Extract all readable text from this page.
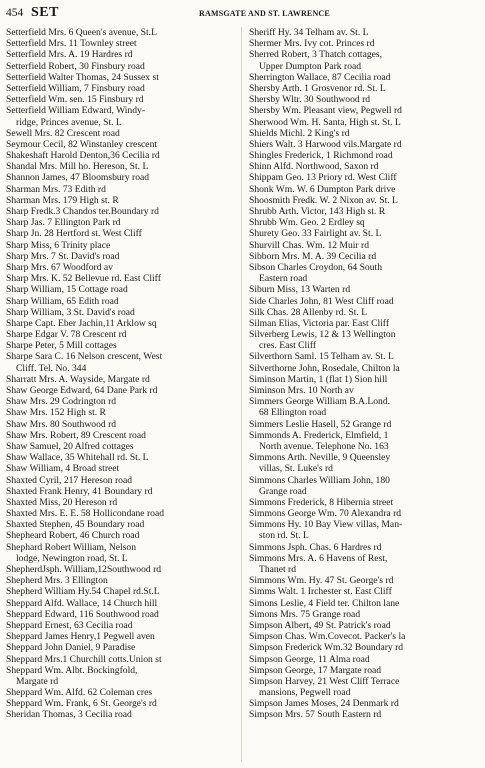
454 SET	RAMSGATE AND ST. LAWRENCE
Setterfield Mrs. 6 Queen's avenue, St.L
Setterfield Mrs. 11 Townley street
Setterfield Mrs. A. 19 Hardres rd
Setterfield Robert, 30 Finsbury road
Setterfield Walter Thomas, 24 Sussex st
Setterfield William, 7 Finsbury road
Setterfield Wm. sen. 15 Finsbury rd
Setterfield William Edward, Windy-
ridge, Princes avenue, St. L
Sewell Mrs. 82 Crescent road
Seymour Cecil, 82 Winstanley crescent
Shakeshaft Harold Denton,36 Cecilia rd
Shandal Mrs. Mill ho. Hereson, St. L
Shannon James, 47 Bloomsbury road
Sharman Mrs. 73 Edith rd
Sharman Mrs. 179 High st. R
Sharp Fredk.3 Chandos ter.Boundary rd
Sharp Jas. 7 Ellington Park rd
Sharp Jn. 28 Hertford st. West Cliff
Sharp Miss, 6 Trinity place
Sharp Mrs. 7 St. David's road
Sharp Mrs. 67 Woodford av
Sharp Mrs. K. 52 Bellevue rd. East Cliff
Sharp William, 15 Cottage road
Sharp William, 65 Edith road
Sharp William, 3 St. David's road
Sharpe Capt. Eber Jachin,11 Arklow sq
Sharpe Edgar V. 78 Crescent rd
Sharpe Peter, 5 Mill cottages
Sharpe Sara C. 16 Nelson crescent, West
Cliff. Tel. No. 344
Sharratt Mrs. A. Wayside, Margate rd
Shaw George Edward, 64 Dane Park rd
Shaw Mrs. 29 Codrington rd
Shaw Mrs. 152 High st. R
Shaw Mrs. 80 Southwood rd
Shaw Mrs. Robert, 89 Crescent road
Shaw Samuel, 20 Alfred cottages
Shaw Wallace, 35 Whitehall rd. St. L
Shaw William, 4 Broad street
Shaxted Cyril, 217 Hereson road
Shaxted Frank Henry, 41 Boundary rd
Shaxted Miss, 20 Hereson rd
Shaxted Mrs. E. E. 58 Hollicondane road
Shaxted Stephen, 45 Boundary road
Shepheard Robert, 46 Church road
Shephard Robert William, Nelson
lodge, Newington road, St. L
ShepherdJsph. William,12Southwood rd
Shepherd Mrs. 3 Ellington
Shepherd William Hy.54 Chapel rd.St.L
Sheppard Alfd. Wallace, 14 Church hill
Sheppard Edward, 116 Southwood road
Sheppard Ernest, 63 Cecilia road
Sheppard James Henry,1 Pegwell aven
Sheppard John Daniel, 9 Paradise
Sheppard Mrs.1 Churchill cotts.Union st
Sheppard Wm. Albt. Bockingfold,
Margate rd
Sheppard Wm. Alfd. 62 Coleman cres
Sheppard Wm. Frank, 6 St. George's rd
Sheridan Thomas, 3 Cecilia road
Sheriff Hy. 34 Telham av. St. L
Shermer Mrs. Ivy cot. Princes rd
Sherred Robert, 3 Thatch cottages,
Upper Dumpton Park road
Sherrington Wallace, 87 Cecilia road
Shersby Arth. 1 Grosvenor rd. St. L
Shersby Wltr. 30 Southwood rd
Shersby Wm. Pleasant view, Pegwell rd
Sherwood Wm. H. Santa, High st. St. L
Shields Michl. 2 King's rd
Shiers Walt. 3 Harwood vils.Margate rd
Shingles Frederick, 1 Richmond road
Shinn Alfd. Northwood, Saxon rd
Shippam Geo. 13 Priory rd. West Cliff
Shonk Wm. W. 6 Dumpton Park drive
Shoosmith Fredk. W. 2 Nixon av. St. L
Shrubb Arth. Victor, 143 High st. R
Shrubb Wm. Geo. 2 Erdley sq
Shurety Geo. 33 Fairlight av. St. L
Shurvill Chas. Wm. 12 Muir rd
Sibborn Mrs. M. A. 39 Cecilia rd
Sibson Charles Croydon, 64 South
Eastern road
Siburn Miss, 13 Warten rd
Side Charles John, 81 West Cliff road
Silk Chas. 28 Allenby rd. St. L
Silman Elias, Victoria par. East Cliff
Silverberg Lewis, 12 & 13 Wellington
cres. East Cliff
Silverthorn Saml. 15 Telham av. St. L
Silverthorne John, Rosedale, Chilton la
Siminson Martin, 1 (flat 1) Sion hill
Siminson Mrs. 10 North av
Simmers George William B.A.Lond.
68 Ellington road
Simmers Leslie Hasell, 52 Grange rd
Simmonds A. Frederick, Elmfield, 1
North avenue. Telephone No. 163
Simmons Arth. Neville, 9 Queensley
villas, St. Luke's rd
Simmons Charles William John, 180
Grange road
Simmons Frederick, 8 Hibernia street
Simmons George Wm. 70 Alexandra rd
Simmons Hy. 10 Bay View villas, Man-
ston rd. St. L
Simmons Jsph. Chas. 6 Hardres rd
Simmons Mrs. A. 6 Havens of Rest,
Thanet rd
Simmons Wm. Hy. 47 St. George's rd
Simms Walt. 1 Irchester st. East Cliff
Simons Leslie, 4 Field ter. Chilton lane
Simons Mrs. 75 Grange road
Simpson Albert, 49 St. Patrick's road
Simpson Chas. Wm.Covecot. Packer's la
Simpson Frederick Wm.32 Boundary rd
Simpson George, 11 Alma road
Simpson George, 17 Margate road
Simpson Harvey, 21 West Cliff Terrace
mansions, Pegwell road
Simpson James Moses, 24 Denmark rd
Simpson Mrs. 57 South Eastern rd
